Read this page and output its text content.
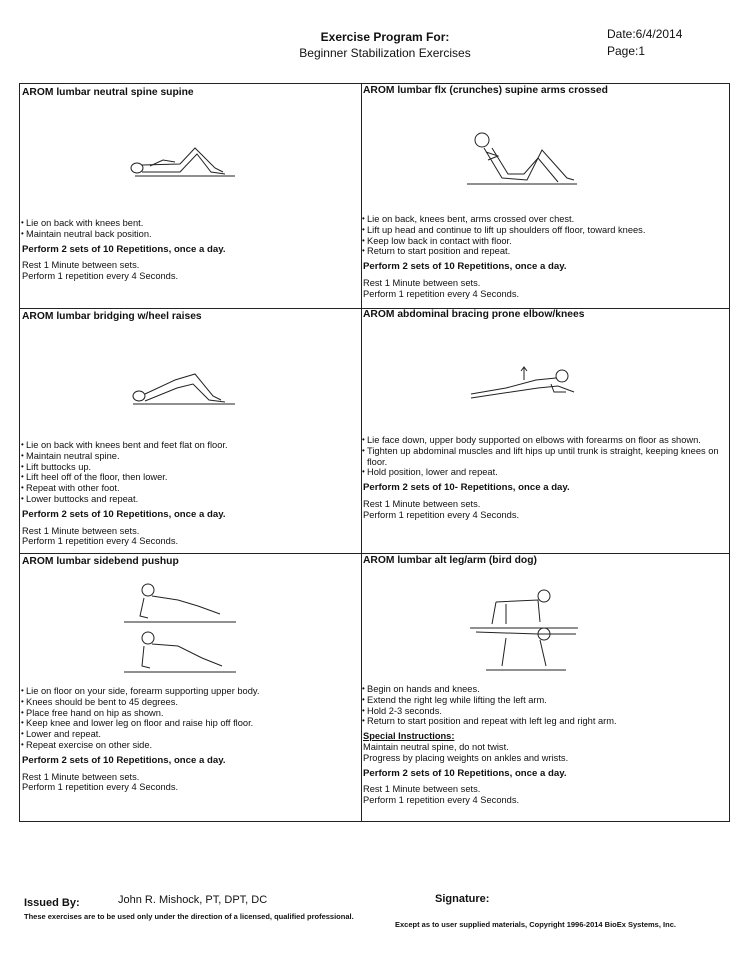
Exercise Program For:
Beginner Stabilization Exercises
Date:6/4/2014
Page:1
AROM lumbar neutral spine supine
• Lie on back with knees bent.
• Maintain neutral back position.
Perform 2 sets of 10 Repetitions, once a day.
Rest 1 Minute between sets.
Perform 1 repetition every 4 Seconds.
AROM lumbar flx (crunches) supine arms crossed
• Lie on back, knees bent, arms crossed over chest.
• Lift up head and continue to lift up shoulders off floor, toward knees.
• Keep low back in contact with floor.
• Return to start position and repeat.
Perform 2 sets of 10 Repetitions, once a day.
Rest 1 Minute between sets.
Perform 1 repetition every 4 Seconds.
AROM lumbar bridging w/heel raises
• Lie on back with knees bent and feet flat on floor.
• Maintain neutral spine.
• Lift buttocks up.
• Lift heel off of the floor, then lower.
• Repeat with other foot.
• Lower buttocks and repeat.
Perform 2 sets of 10 Repetitions, once a day.
Rest 1 Minute between sets.
Perform 1 repetition every 4 Seconds.
AROM abdominal bracing prone elbow/knees
• Lie face down, upper body supported on elbows with forearms on floor as shown.
• Tighten up abdominal muscles and lift hips up until trunk is straight, keeping knees on floor.
• Hold position, lower and repeat.
Perform 2 sets of 10- Repetitions, once a day.
Rest 1 Minute between sets.
Perform 1 repetition every 4 Seconds.
AROM lumbar sidebend pushup
• Lie on floor on your side, forearm supporting upper body.
• Knees should be bent to 45 degrees.
• Place free hand on hip as shown.
• Keep knee and lower leg on floor and raise hip off floor.
• Lower and repeat.
• Repeat exercise on other side.
Perform 2 sets of 10 Repetitions, once a day.
Rest 1 Minute between sets.
Perform 1 repetition every 4 Seconds.
AROM lumbar alt leg/arm (bird dog)
• Begin on hands and knees.
• Extend the right leg while lifting the left arm.
• Hold 2-3 seconds.
• Return to start position and repeat with left leg and right arm.
Special Instructions:
Maintain neutral spine, do not twist.
Progress by placing weights on ankles and wrists.
Perform 2 sets of 10 Repetitions, once a day.
Rest 1 Minute between sets.
Perform 1 repetition every 4 Seconds.
Issued By:	John R. Mishock, PT, DPT, DC	Signature:
These exercises are to be used only under the direction of a licensed, qualified professional.
Except as to user supplied materials, Copyright 1996-2014 BioEx Systems, Inc.
